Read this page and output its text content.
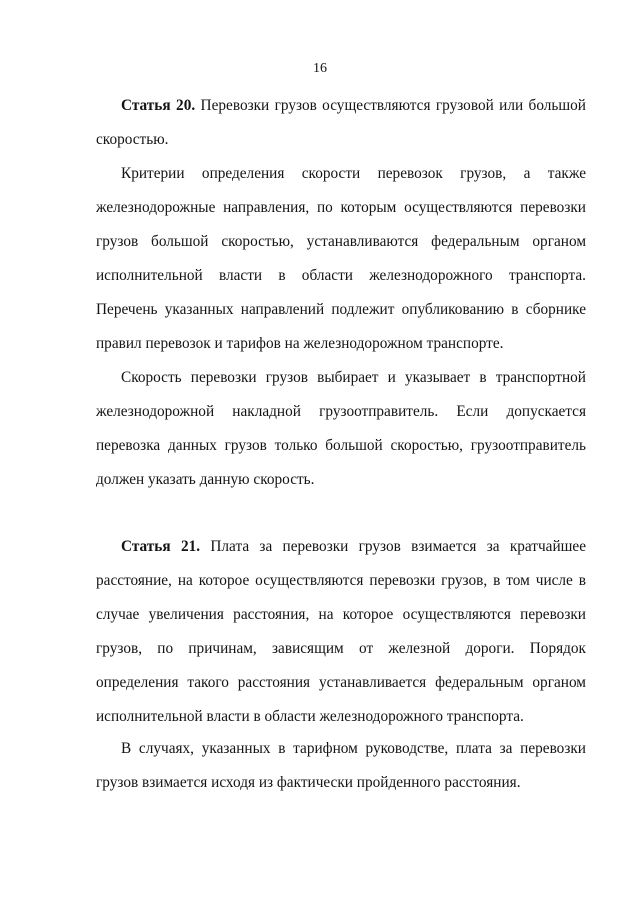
16

Статья 20. Перевозки грузов осуществляются грузовой или большой скоростью.

Критерии определения скорости перевозок грузов, а также железнодорожные направления, по которым осуществляются перевозки грузов большой скоростью, устанавливаются федеральным органом исполнительной власти в области железнодорожного транспорта. Перечень указанных направлений подлежит опубликованию в сборнике правил перевозок и тарифов на железнодорожном транспорте.

Скорость перевозки грузов выбирает и указывает в транспортной железнодорожной накладной грузоотправитель. Если допускается перевозка данных грузов только большой скоростью, грузоотправитель должен указать данную скорость.

Статья 21. Плата за перевозки грузов взимается за кратчайшее расстояние, на которое осуществляются перевозки грузов, в том числе в случае увеличения расстояния, на которое осуществляются перевозки грузов, по причинам, зависящим от железной дороги. Порядок определения такого расстояния устанавливается федеральным органом исполнительной власти в области железнодорожного транспорта.

В случаях, указанных в тарифном руководстве, плата за перевозки грузов взимается исходя из фактически пройденного расстояния.
